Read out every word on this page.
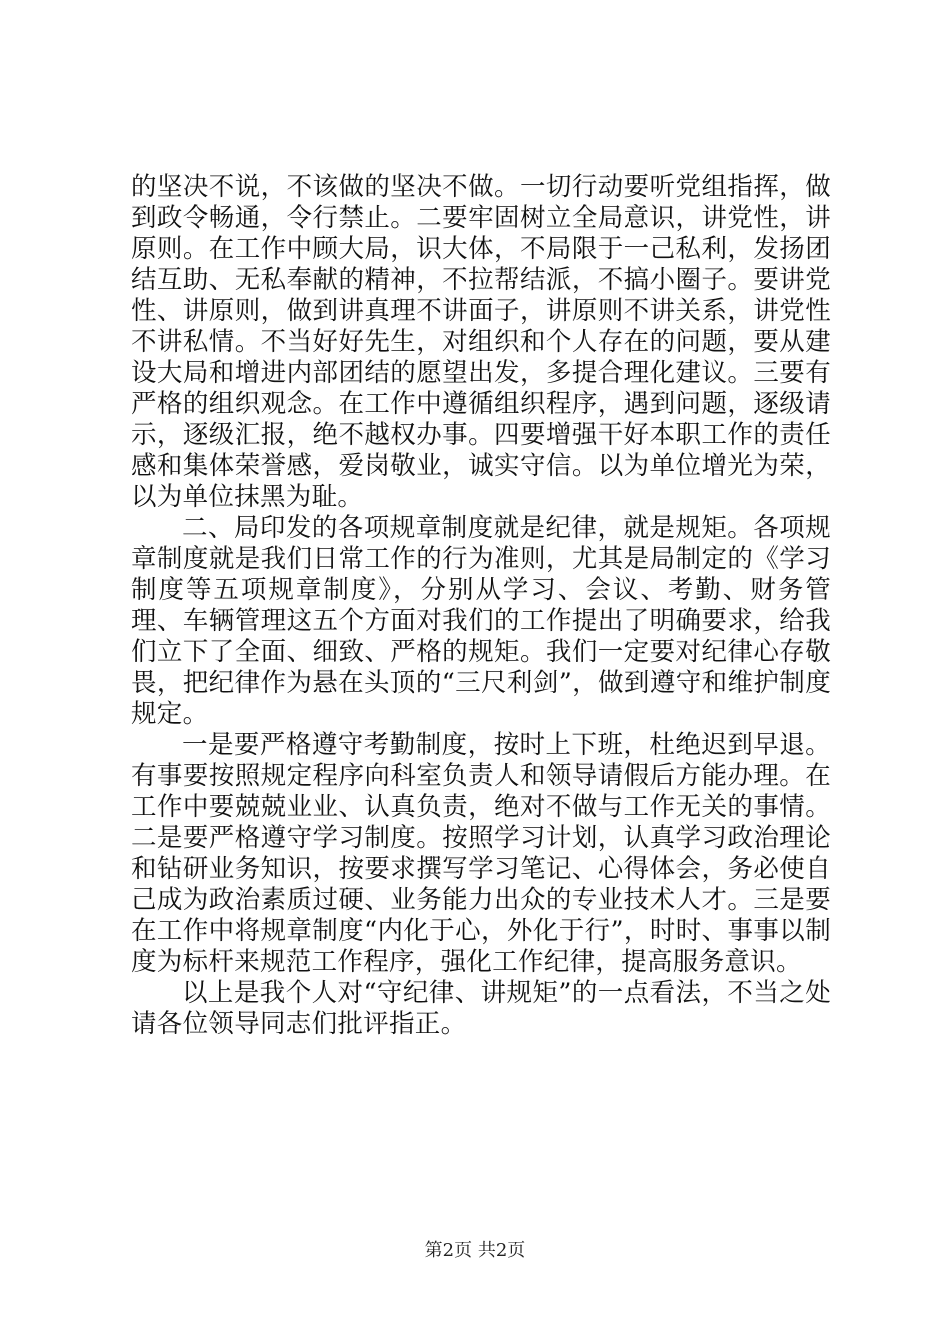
的坚决不说，不该做的坚决不做。一切行动要听党组指挥，做到政令畅通，令行禁止。二要牢固树立全局意识，讲党性，讲原则。在工作中顾大局，识大体，不局限于一己私利，发扬团结互助、无私奉献的精神，不拉帮结派，不搞小圈子。要讲党性、讲原则，做到讲真理不讲面子，讲原则不讲关系，讲党性不讲私情。不当好好先生，对组织和个人存在的问题，要从建设大局和增进内部团结的愿望出发，多提合理化建议。三要有严格的组织观念。在工作中遵循组织程序，遇到问题，逐级请示，逐级汇报，绝不越权办事。四要增强干好本职工作的责任感和集体荣誉感，爱岗敬业，诚实守信。以为单位增光为荣，以为单位抹黑为耻。

二、局印发的各项规章制度就是纪律，就是规矩。各项规章制度就是我们日常工作的行为准则，尤其是局制定的《学习制度等五项规章制度》，分别从学习、会议、考勤、财务管理、车辆管理这五个方面对我们的工作提出了明确要求，给我们立下了全面、细致、严格的规矩。我们一定要对纪律心存敬畏，把纪律作为悬在头顶的“三尺利剑”，做到遵守和维护制度规定。

一是要严格遵守考勤制度，按时上下班，杜绝迟到早退。有事要按照规定程序向科室负责人和领导请假后方能办理。在工作中要兢兢业业、认真负责，绝对不做与工作无关的事情。二是要严格遵守学习制度。按照学习计划，认真学习政治理论和钻研业务知识，按要求撰写学习笔记、心得体会，务必使自己成为政治素质过硬、业务能力出众的专业技术人才。三是要在工作中将规章制度“内化于心，外化于行”，时时、事事以制度为标杆来规范工作程序，强化工作纪律，提高服务意识。

以上是我个人对“守纪律、讲规矩”的一点看法，不当之处请各位领导同志们批评指正。

第2页 共2页
